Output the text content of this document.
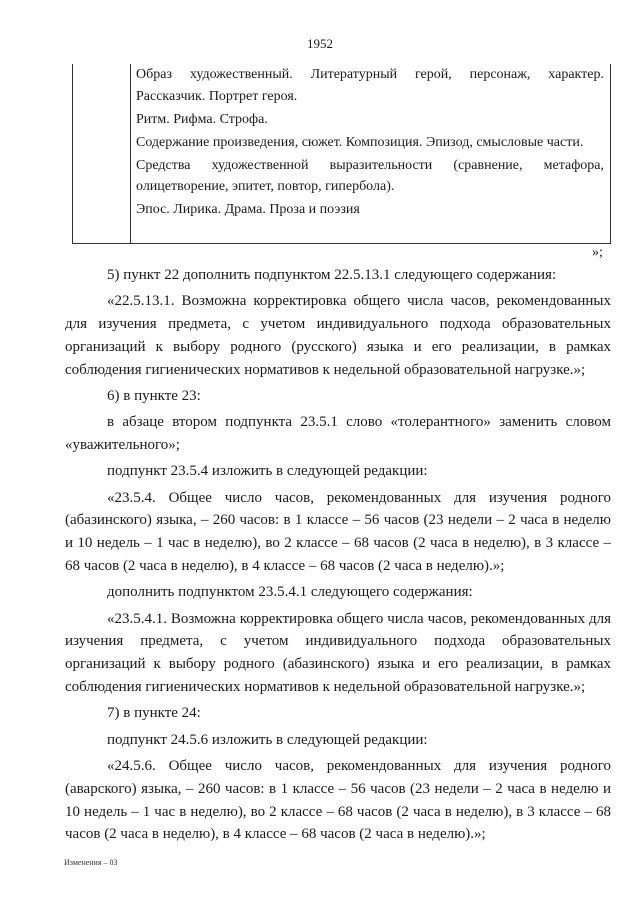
1952

Образ художественный. Литературный герой, персонаж, характер. Рассказчик. Портрет героя.

Ритм. Рифма. Строфа.

Содержание произведения, сюжет. Композиция. Эпизод, смысловые части.

Средства художественной выразительности (сравнение, метафора, олицетворение, эпитет, повтор, гипербола).

Эпос. Лирика. Драма. Проза и поэзия

»;

5) пункт 22 дополнить подпунктом 22.5.13.1 следующего содержания:

«22.5.13.1. Возможна корректировка общего числа часов, рекомендованных для изучения предмета, с учетом индивидуального подхода образовательных организаций к выбору родного (русского) языка и его реализации, в рамках соблюдения гигиенических нормативов к недельной образовательной нагрузке.»;

6) в пункте 23:

в абзаце втором подпункта 23.5.1 слово «толерантного» заменить словом «уважительного»;

подпункт 23.5.4 изложить в следующей редакции:

«23.5.4. Общее число часов, рекомендованных для изучения родного (абазинского) языка, – 260 часов: в 1 классе – 56 часов (23 недели – 2 часа в неделю и 10 недель – 1 час в неделю), во 2 классе – 68 часов (2 часа в неделю), в 3 классе – 68 часов (2 часа в неделю), в 4 классе – 68 часов (2 часа в неделю).»;

дополнить подпунктом 23.5.4.1 следующего содержания:

«23.5.4.1. Возможна корректировка общего числа часов, рекомендованных для изучения предмета, с учетом индивидуального подхода образовательных организаций к выбору родного (абазинского) языка и его реализации, в рамках соблюдения гигиенических нормативов к недельной образовательной нагрузке.»;

7) в пункте 24:

подпункт 24.5.6 изложить в следующей редакции:

«24.5.6. Общее число часов, рекомендованных для изучения родного (аварского) языка, – 260 часов: в 1 классе – 56 часов (23 недели – 2 часа в неделю и 10 недель – 1 час в неделю), во 2 классе – 68 часов (2 часа в неделю), в 3 классе – 68 часов (2 часа в неделю), в 4 классе – 68 часов (2 часа в неделю).»;

Изменения – 03
